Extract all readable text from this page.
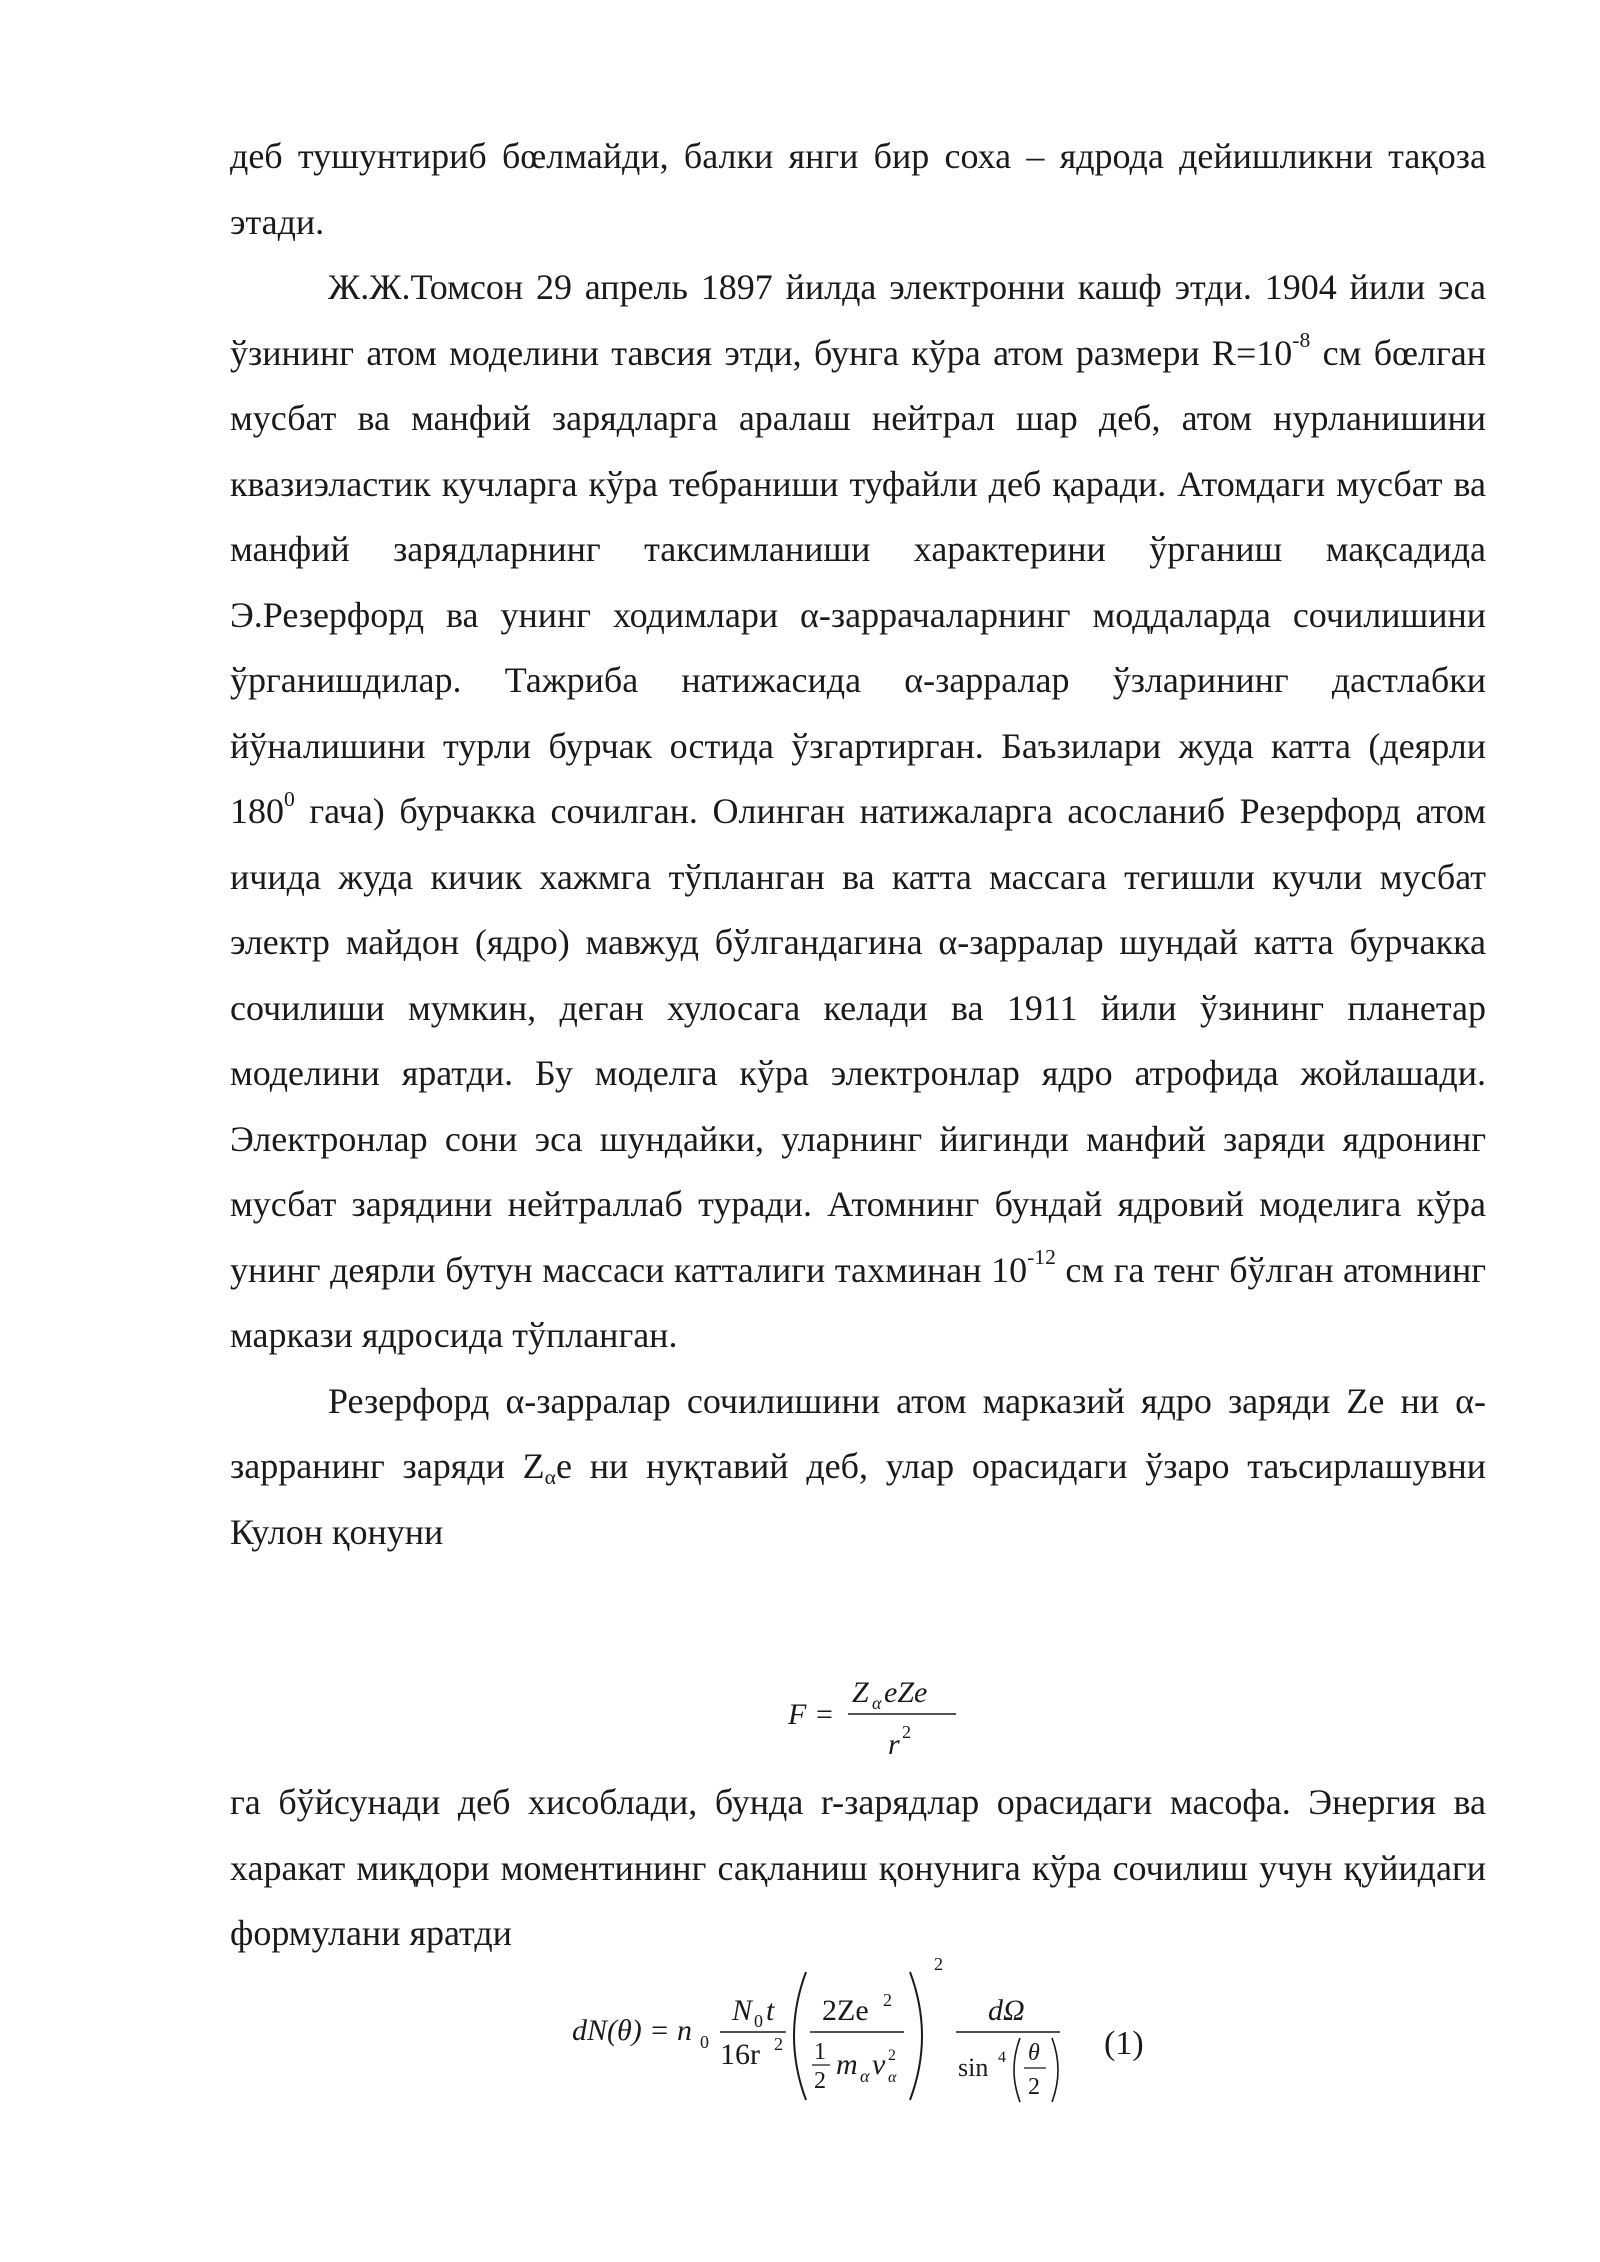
деб тушунтириб бœлмайди, балки янги бир соха – ядрода дейишликни тақоза этади.

Ж.Ж.Томсон 29 апрель 1897 йилда электронни кашф этди. 1904 йили эса ўзининг атом моделини тавсия этди, бунга кўра атом размери $R=10^{-8}$ см бœлган мусбат ва манфий зарядларга аралаш нейтрал шар деб, атом нурланишини квазиэластик кучларга кўра тебраниши туфайли деб қаради. Атомдаги мусбат ва манфий зарядларнинг таксимланиши характерини ўрганиш мақсадида Э.Резерфорд ва унинг ходимлари α-заррачаларнинг моддаларда сочилишини ўрганишдилар. Тажриба натижасида α-зарралар ўзларининг дастлабки йўналишини турли бурчак остида ўзгартирган. Баъзилари жуда катта (деярли $180^0$ гача) бурчакка сочилган. Олинган натижаларга асосланиб Резерфорд атом ичида жуда кичик хажмга тўпланган ва катта массага тегишли кучли мусбат электр майдон (ядро) мавжуд бўлгандагина α-зарралар шундай катта бурчакка сочилиши мумкин, деган хулосага келади ва 1911 йили ўзининг планетар моделини яратди. Бу моделга кўра электронлар ядро атрофида жойлашади. Электронлар сони эса шундайки, уларнинг йигинди манфий заряди ядронинг мусбат зарядини нейтраллаб туради. Атомнинг бундай ядровий моделига кўра унинг деярли бутун массаси катталиги тахминан $10^{-12}$ см га тенг бўлган атомнинг маркази ядросида тўпланган.

Резерфорд α-зарралар сочилишини атом марказий ядро заряди Ze ни α-зарранинг заряди $Z_\alpha e$ ни нуқтавий деб, улар орасидаги ўзаро таъсирлашувни Кулон қонуни

F =
Z α eZe
r 2

га бўйсунади деб хисоблади, бунда r-зарядлар орасидаги масофа. Энергия ва харакат миқдори моментининг сақланиш қонунига кўра сочилиш учун қуйидаги формулани яратди

dN(θ) = n 0
N 0 t
16r 2
2Ze 2
1
2 m α v 2
α
2
dΩ
sin 4 θ
2
(1)
